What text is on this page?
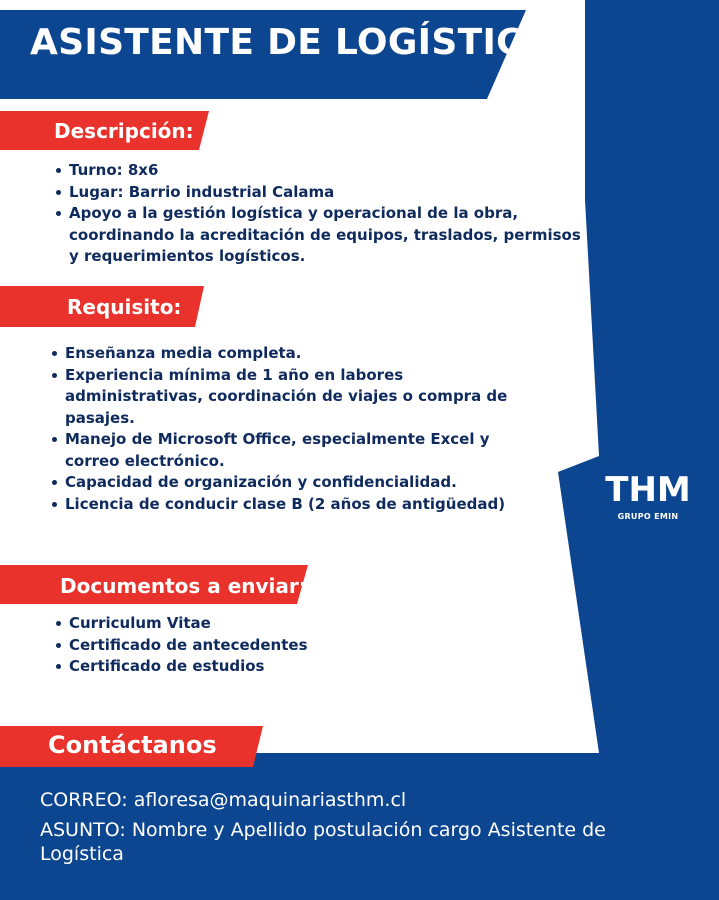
ASISTENTE DE LOGÍSTICA
Descripción:
Turno: 8x6
Lugar: Barrio industrial Calama
Apoyo a la gestión logística y operacional de la obra, coordinando la acreditación de equipos, traslados, permisos y requerimientos logísticos.
Requisito:
Enseñanza media completa.
Experiencia mínima de 1 año en labores administrativas, coordinación de viajes o compra de pasajes.
Manejo de Microsoft Office, especialmente Excel y correo electrónico.
Capacidad de organización y confidencialidad.
Licencia de conducir clase B (2 años de antigüedad)	THM
GRUPO EMIN
Documentos a enviar:
Curriculum Vitae
Certificado de antecedentes
Certificado de estudios
Contáctanos
CORREO: afloresa@maquinariasthm.cl
ASUNTO: Nombre y Apellido postulación cargo Asistente de Logística
